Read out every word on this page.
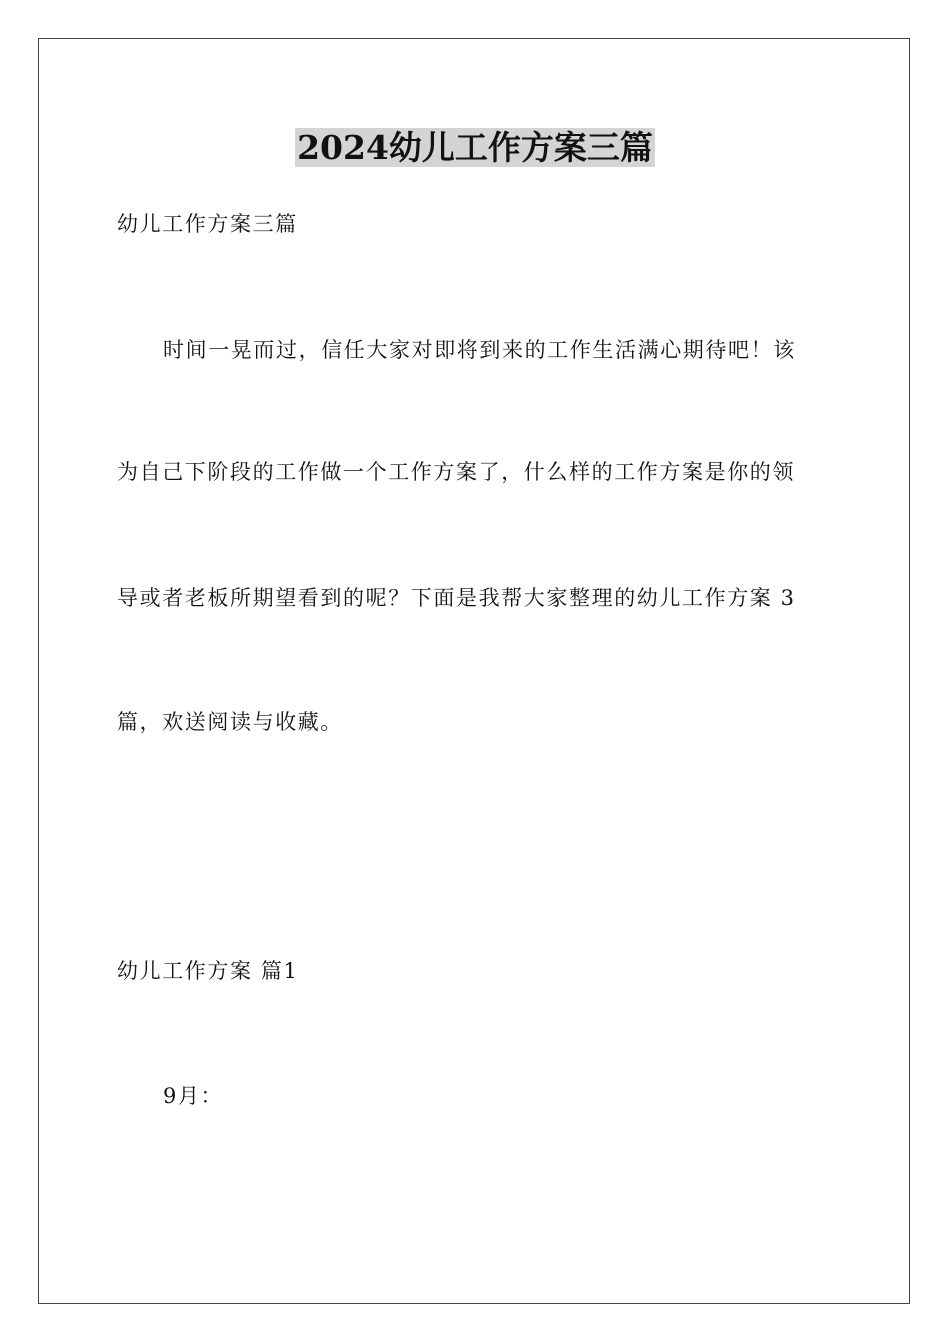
2024幼儿工作方案三篇
幼儿工作方案三篇
时间一晃而过，信任大家对即将到来的工作生活满心期待吧！该
为自己下阶段的工作做一个工作方案了，什么样的工作方案是你的领
导或者老板所期望看到的呢？下面是我帮大家整理的幼儿工作方案 3
篇，欢送阅读与收藏。
幼儿工作方案 篇1
9月：
